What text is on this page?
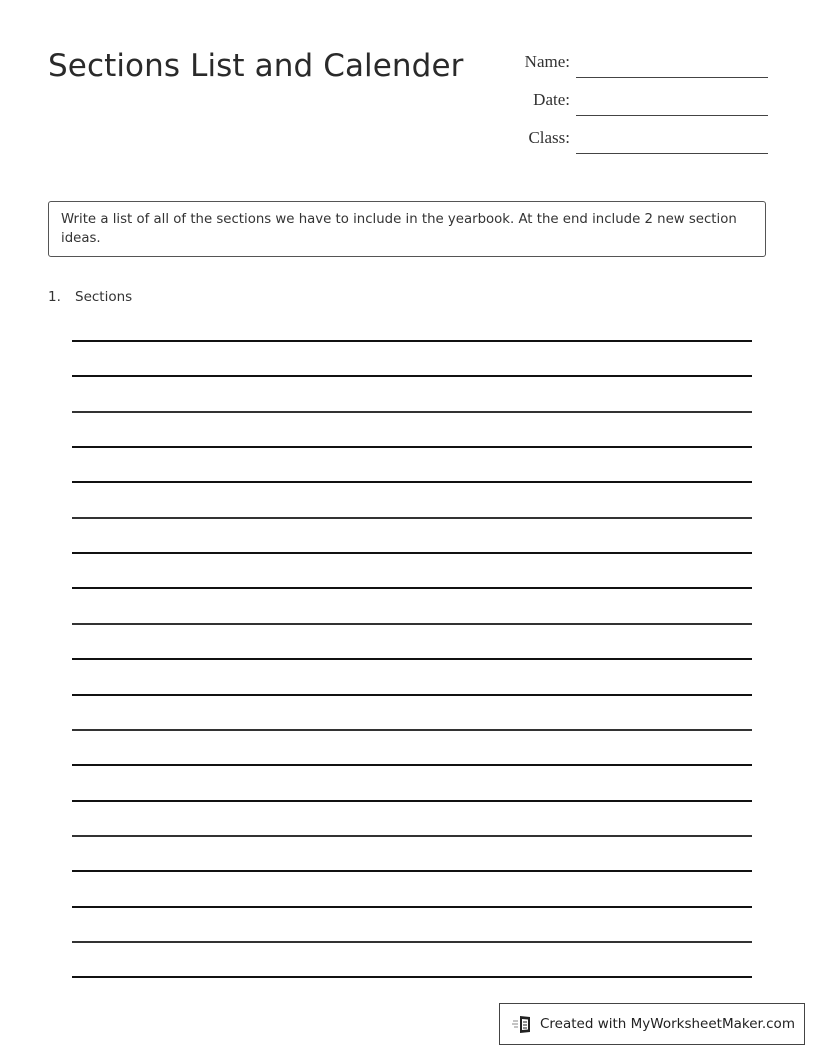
Sections List and Calender	Name:
Date:
Class:
Write a list of all of the sections we have to include in the yearbook. At the end include 2 new section ideas.
1. Sections
Created with MyWorksheetMaker.com
